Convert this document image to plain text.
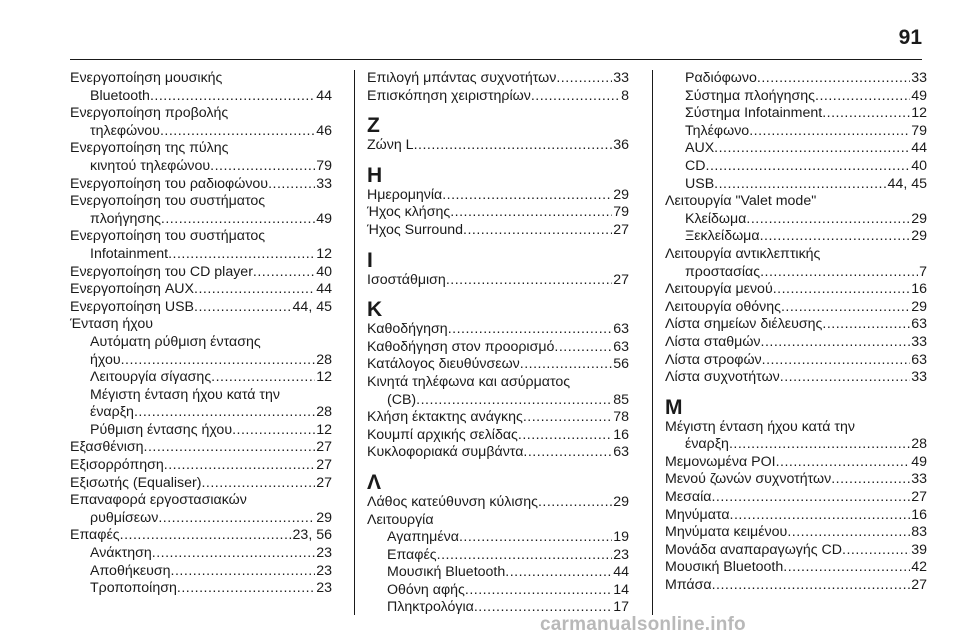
91
Ενεργοποίηση μουσικής
Bluetooth .....	44
Ενεργοποίηση προβολής
τηλεφώνου .....	46
Ενεργοποίηση της πύλης
κινητού τηλεφώνου .....	79
Ενεργοποίηση του ραδιοφώνου .....	33
Ενεργοποίηση του συστήματος
πλοήγησης .....	49
Ενεργοποίηση του συστήματος
Infotainment .....	12
Ενεργοποίηση του CD player .....	40
Ενεργοποίηση AUX .....	44
Ενεργοποίηση USB .....	44, 45
Ένταση ήχου
Αυτόματη ρύθμιση έντασης
ήχου .....	28
Λειτουργία σίγασης .....	12
Μέγιστη ένταση ήχου κατά την
έναρξη .....	28
Ρύθμιση έντασης ήχου .....	12
Εξασθένιση .....	27
Εξισορρόπηση .....	27
Εξισωτής (Equaliser) .....	27
Επαναφορά εργοστασιακών
ρυθμίσεων .....	29
Επαφές .....	23, 56
Ανάκτηση .....	23
Αποθήκευση .....	23
Τροποποίηση .....	23
Επιλογή μπάντας συχνοτήτων .....	33
Επισκόπηση χειριστηρίων .....	8
Ζ
Ζώνη L .....	36
Η
Ημερομηνία .....	29
Ήχος κλήσης .....	79
Ήχος Surround .....	27
Ι
Ισοστάθμιση .....	27
Κ
Καθοδήγηση .....	63
Καθοδήγηση στον προορισμό .....	63
Κατάλογος διευθύνσεων .....	56
Κινητά τηλέφωνα και ασύρματος
(CB) .....	85
Κλήση έκτακτης ανάγκης .....	78
Κουμπί αρχικής σελίδας .....	16
Κυκλοφοριακά συμβάντα .....	63
Λ
Λάθος κατεύθυνση κύλισης .....	29
Λειτουργία
Αγαπημένα .....	19
Επαφές .....	23
Μουσική Bluetooth .....	44
Οθόνη αφής .....	14
Πληκτρολόγια .....	17
Ραδιόφωνο .....	33
Σύστημα πλοήγησης .....	49
Σύστημα Infotainment .....	12
Τηλέφωνο .....	79
AUX .....	44
CD .....	40
USB .....	44, 45
Λειτουργία "Valet mode"
Κλείδωμα .....	29
Ξεκλείδωμα .....	29
Λειτουργία αντικλεπτικής
προστασίας .....	7
Λειτουργία μενού .....	16
Λειτουργία οθόνης .....	29
Λίστα σημείων διέλευσης .....	63
Λίστα σταθμών .....	33
Λίστα στροφών .....	63
Λίστα συχνοτήτων .....	33
Μ
Μέγιστη ένταση ήχου κατά την
έναρξη .....	28
Μεμονωμένα POI .....	49
Μενού ζωνών συχνοτήτων .....	33
Μεσαία .....	27
Μηνύματα .....	16
Μηνύματα κειμένου .....	83
Μονάδα αναπαραγωγής CD .....	39
Μουσική Bluetooth .....	42
Μπάσα .....	27
carmanualsonline.info
